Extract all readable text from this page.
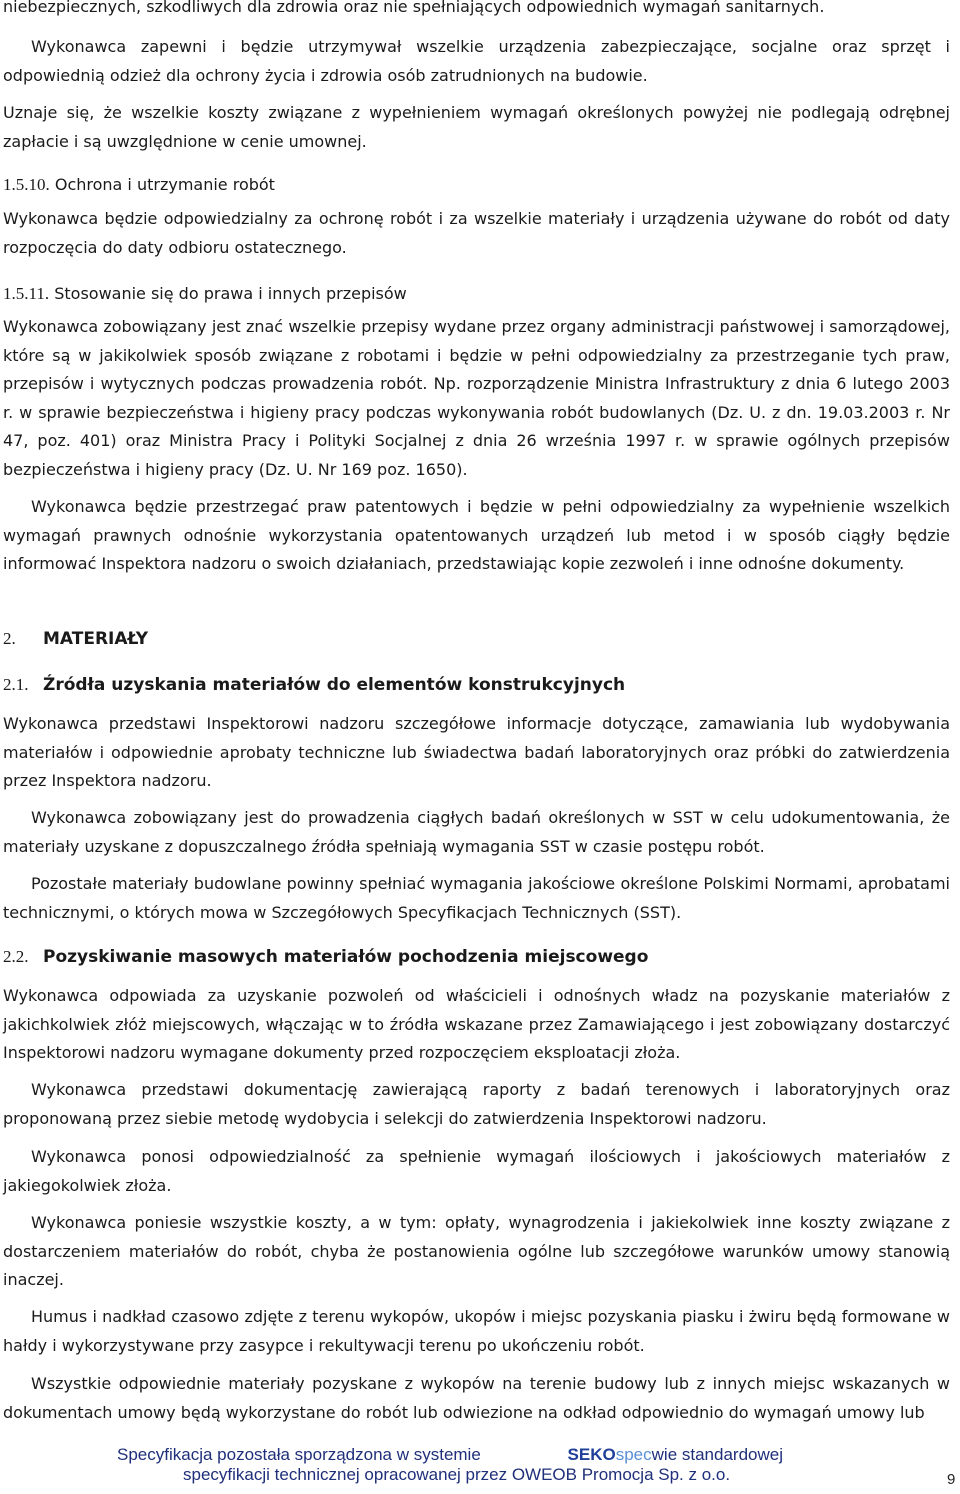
niebezpiecznych, szkodliwych dla zdrowia oraz nie spełniających odpowiednich wymagań sanitarnych.

Wykonawca zapewni i będzie utrzymywał wszelkie urządzenia zabezpieczające, socjalne oraz sprzęt i odpowiednią odzież dla ochrony życia i zdrowia osób zatrudnionych na budowie.

Uznaje się, że wszelkie koszty związane z wypełnieniem wymagań określonych powyżej nie podlegają odrębnej zapłacie i są uwzględnione w cenie umownej.

1.5.10. Ochrona i utrzymanie robót

Wykonawca będzie odpowiedzialny za ochronę robót i za wszelkie materiały i urządzenia używane do robót od daty rozpoczęcia do daty odbioru ostatecznego.

1.5.11. Stosowanie się do prawa i innych przepisów

Wykonawca zobowiązany jest znać wszelkie przepisy wydane przez organy administracji państwowej i samorządowej, które są w jakikolwiek sposób związane z robotami i będzie w pełni odpowiedzialny za przestrzeganie tych praw, przepisów i wytycznych podczas prowadzenia robót. Np. rozporządzenie Ministra Infrastruktury z dnia 6 lutego 2003 r. w sprawie bezpieczeństwa i higieny pracy podczas wykonywania robót budowlanych (Dz. U. z dn. 19.03.2003 r. Nr 47, poz. 401) oraz Ministra Pracy i Polityki Socjalnej z dnia 26 września 1997 r. w sprawie ogólnych przepisów bezpieczeństwa i higieny pracy (Dz. U. Nr 169 poz. 1650).

Wykonawca będzie przestrzegać praw patentowych i będzie w pełni odpowiedzialny za wypełnienie wszelkich wymagań prawnych odnośnie wykorzystania opatentowanych urządzeń lub metod i w sposób ciągły będzie informować Inspektora nadzoru o swoich działaniach, przedstawiając kopie zezwoleń i inne odnośne dokumenty.

2. MATERIAŁY

2.1. Źródła uzyskania materiałów do elementów konstrukcyjnych

Wykonawca przedstawi Inspektorowi nadzoru szczegółowe informacje dotyczące, zamawiania lub wydobywania materiałów i odpowiednie aprobaty techniczne lub świadectwa badań laboratoryjnych oraz próbki do zatwierdzenia przez Inspektora nadzoru.

Wykonawca zobowiązany jest do prowadzenia ciągłych badań określonych w SST w celu udokumentowania, że materiały uzyskane z dopuszczalnego źródła spełniają wymagania SST w czasie postępu robót.

Pozostałe materiały budowlane powinny spełniać wymagania jakościowe określone Polskimi Normami, aprobatami technicznymi, o których mowa w Szczegółowych Specyfikacjach Technicznych (SST).

2.2. Pozyskiwanie masowych materiałów pochodzenia miejscowego

Wykonawca odpowiada za uzyskanie pozwoleń od właścicieli i odnośnych władz na pozyskanie materiałów z jakichkolwiek złóż miejscowych, włączając w to źródła wskazane przez Zamawiającego i jest zobowiązany dostarczyć Inspektorowi nadzoru wymagane dokumenty przed rozpoczęciem eksploatacji złoża.

Wykonawca przedstawi dokumentację zawierającą raporty z badań terenowych i laboratoryjnych oraz proponowaną przez siebie metodę wydobycia i selekcji do zatwierdzenia Inspektorowi nadzoru.

Wykonawca ponosi odpowiedzialność za spełnienie wymagań ilościowych i jakościowych materiałów z jakiegokolwiek złoża.

Wykonawca poniesie wszystkie koszty, a w tym: opłaty, wynagrodzenia i jakiekolwiek inne koszty związane z dostarczeniem materiałów do robót, chyba że postanowienia ogólne lub szczegółowe warunków umowy stanowią inaczej.

Humus i nadkład czasowo zdjęte z terenu wykopów, ukopów i miejsc pozyskania piasku i żwiru będą formowane w hałdy i wykorzystywane przy zasypce i rekultywacji terenu po ukończeniu robót.

Wszystkie odpowiednie materiały pozyskane z wykopów na terenie budowy lub z innych miejsc wskazanych w dokumentach umowy będą wykorzystane do robót lub odwiezione na odkład odpowiednio do wymagań umowy lub

Specyfikacja pozostała sporządzona w systemie	SEKOspecwie standardowej
specyfikacji technicznej opracowanej przez OWEOB Promocja Sp. z o.o.	9
